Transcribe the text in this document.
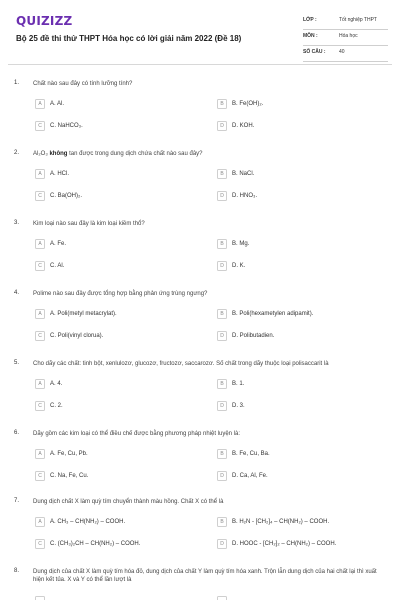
QUIZIZZ
Bộ 25 đề thi thử THPT Hóa học có lời giải năm 2022 (Đề 18)
LỚP :	Tốt nghiệp THPT
MÔN :	Hóa học
SỐ CÂU :	40
1. Chất nào sau đây có tính lưỡng tính?
A	A. Al.	B	B. Fe(OH)₂.
C	C. NaHCO₃.	D	D. KOH.
2. Al₂O₃ không tan được trong dung dịch chứa chất nào sau đây?
A	A. HCl.	B	B. NaCl.
C	C. Ba(OH)₂.	D	D. HNO₃.
3. Kim loại nào sau đây là kim loại kiềm thổ?
A	A. Fe.	B	B. Mg.
C	C. Al.	D	D. K.
4. Polime nào sau đây được tổng hợp bằng phản ứng trùng ngưng?
A	A. Poli(metyl metacrylat).	B	B. Poli(hexametylen adipamit).
C	C. Poli(vinyl clorua).	D	D. Polibutadien.
5. Cho dãy các chất: tinh bột, xenlulozơ, glucozơ, fructozơ, saccarozơ. Số chất trong dãy thuộc loại polisaccarit là
A	A. 4.	B	B. 1.
C	C. 2.	D	D. 3.
6. Dãy gồm các kim loại có thể điều chế được bằng phương pháp nhiệt luyện là:
A	A. Fe, Cu, Pb.	B	B. Fe, Cu, Ba.
C	C. Na, Fe, Cu.	D	D. Ca, Al, Fe.
7. Dung dịch chất X làm quỳ tím chuyển thành màu hồng. Chất X có thể là
A	A. CH₃ – CH(NH₂) – COOH.	B	B. H₂N - [CH₂]₄ – CH(NH₂) – COOH.
C	C. (CH₃)₂CH – CH(NH₂) – COOH.	D	D. HOOC - [CH₂]₂ – CH(NH₂) – COOH.
8. Dung dịch của chất X làm quỳ tím hóa đỏ, dung dịch của chất Y làm quỳ tím hóa xanh. Trộn lẫn dung dịch của hai chất lại thì xuất hiện kết tủa. X và Y có thể lần lượt là
